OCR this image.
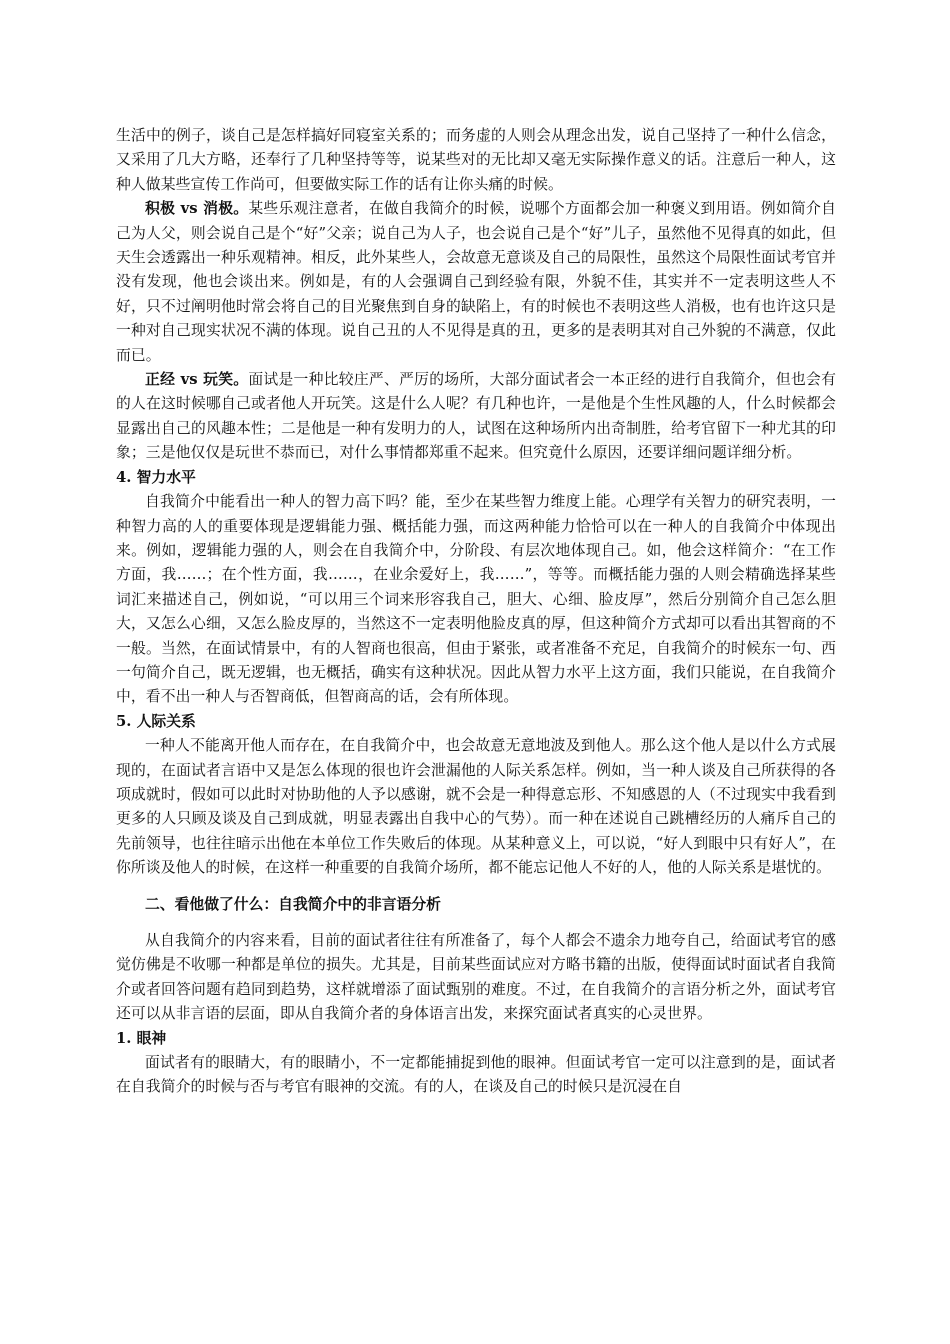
生活中的例子，谈自己是怎样搞好同寝室关系的；而务虚的人则会从理念出发，说自己坚持了一种什么信念，又采用了几大方略，还奉行了几种坚持等等，说某些对的无比却又毫无实际操作意义的话。注意后一种人，这种人做某些宣传工作尚可，但要做实际工作的话有让你头痛的时候。

积极 vs 消极。某些乐观注意者，在做自我简介的时候，说哪个方面都会加一种褒义到用语。例如简介自己为人父，则会说自己是个“好”父亲；说自己为人子，也会说自己是个“好”儿子，虽然他不见得真的如此，但天生会透露出一种乐观精神。相反，此外某些人，会故意无意谈及自己的局限性，虽然这个局限性面试考官并没有发现，他也会谈出来。例如是，有的人会强调自己到经验有限，外貌不佳，其实并不一定表明这些人不好，只不过阐明他时常会将自己的目光聚焦到自身的缺陷上，有的时候也不表明这些人消极，也有也许这只是一种对自己现实状况不满的体现。说自己丑的人不见得是真的丑，更多的是表明其对自己外貌的不满意，仅此而已。

正经 vs 玩笑。面试是一种比较庄严、严厉的场所，大部分面试者会一本正经的进行自我简介，但也会有的人在这时候哪自己或者他人开玩笑。这是什么人呢？有几种也许，一是他是个生性风趣的人，什么时候都会显露出自己的风趣本性；二是他是一种有发明力的人，试图在这种场所内出奇制胜，给考官留下一种尤其的印象；三是他仅仅是玩世不恭而已，对什么事情都郑重不起来。但究竟什么原因，还要详细问题详细分析。

4. 智力水平

自我简介中能看出一种人的智力高下吗？能，至少在某些智力维度上能。心理学有关智力的研究表明，一种智力高的人的重要体现是逻辑能力强、概括能力强，而这两种能力恰恰可以在一种人的自我简介中体现出来。例如，逻辑能力强的人，则会在自我简介中，分阶段、有层次地体现自己。如，他会这样简介：“在工作方面，我……；在个性方面，我……，在业余爱好上，我……”，等等。而概括能力强的人则会精确选择某些词汇来描述自己，例如说，“可以用三个词来形容我自己，胆大、心细、脸皮厚”，然后分别简介自己怎么胆大，又怎么心细，又怎么脸皮厚的，当然这不一定表明他脸皮真的厚，但这种简介方式却可以看出其智商的不一般。当然，在面试情景中，有的人智商也很高，但由于紧张，或者准备不充足，自我简介的时候东一句、西一句简介自己，既无逻辑，也无概括，确实有这种状况。因此从智力水平上这方面，我们只能说，在自我简介中，看不出一种人与否智商低，但智商高的话，会有所体现。

5. 人际关系

一种人不能离开他人而存在，在自我简介中，也会故意无意地波及到他人。那么这个他人是以什么方式展现的，在面试者言语中又是怎么体现的很也许会泄漏他的人际关系怎样。例如，当一种人谈及自己所获得的各项成就时，假如可以此时对协助他的人予以感谢，就不会是一种得意忘形、不知感恩的人（不过现实中我看到更多的人只顾及谈及自己到成就，明显表露出自我中心的气势）。而一种在述说自己跳槽经历的人痛斥自己的先前领导，也往往暗示出他在本单位工作失败后的体现。从某种意义上，可以说，“好人到眼中只有好人”，在你所谈及他人的时候，在这样一种重要的自我简介场所，都不能忘记他人不好的人，他的人际关系是堪忧的。

二、看他做了什么：自我简介中的非言语分析

从自我简介的内容来看，目前的面试者往往有所准备了，每个人都会不遗余力地夸自己，给面试考官的感觉仿佛是不收哪一种都是单位的损失。尤其是，目前某些面试应对方略书籍的出版，使得面试时面试者自我简介或者回答问题有趋同到趋势，这样就增添了面试甄别的难度。不过，在自我简介的言语分析之外，面试考官还可以从非言语的层面，即从自我简介者的身体语言出发，来探究面试者真实的心灵世界。

1. 眼神

面试者有的眼睛大，有的眼睛小，不一定都能捕捉到他的眼神。但面试考官一定可以注意到的是，面试者在自我简介的时候与否与考官有眼神的交流。有的人，在谈及自己的时候只是沉浸在自
